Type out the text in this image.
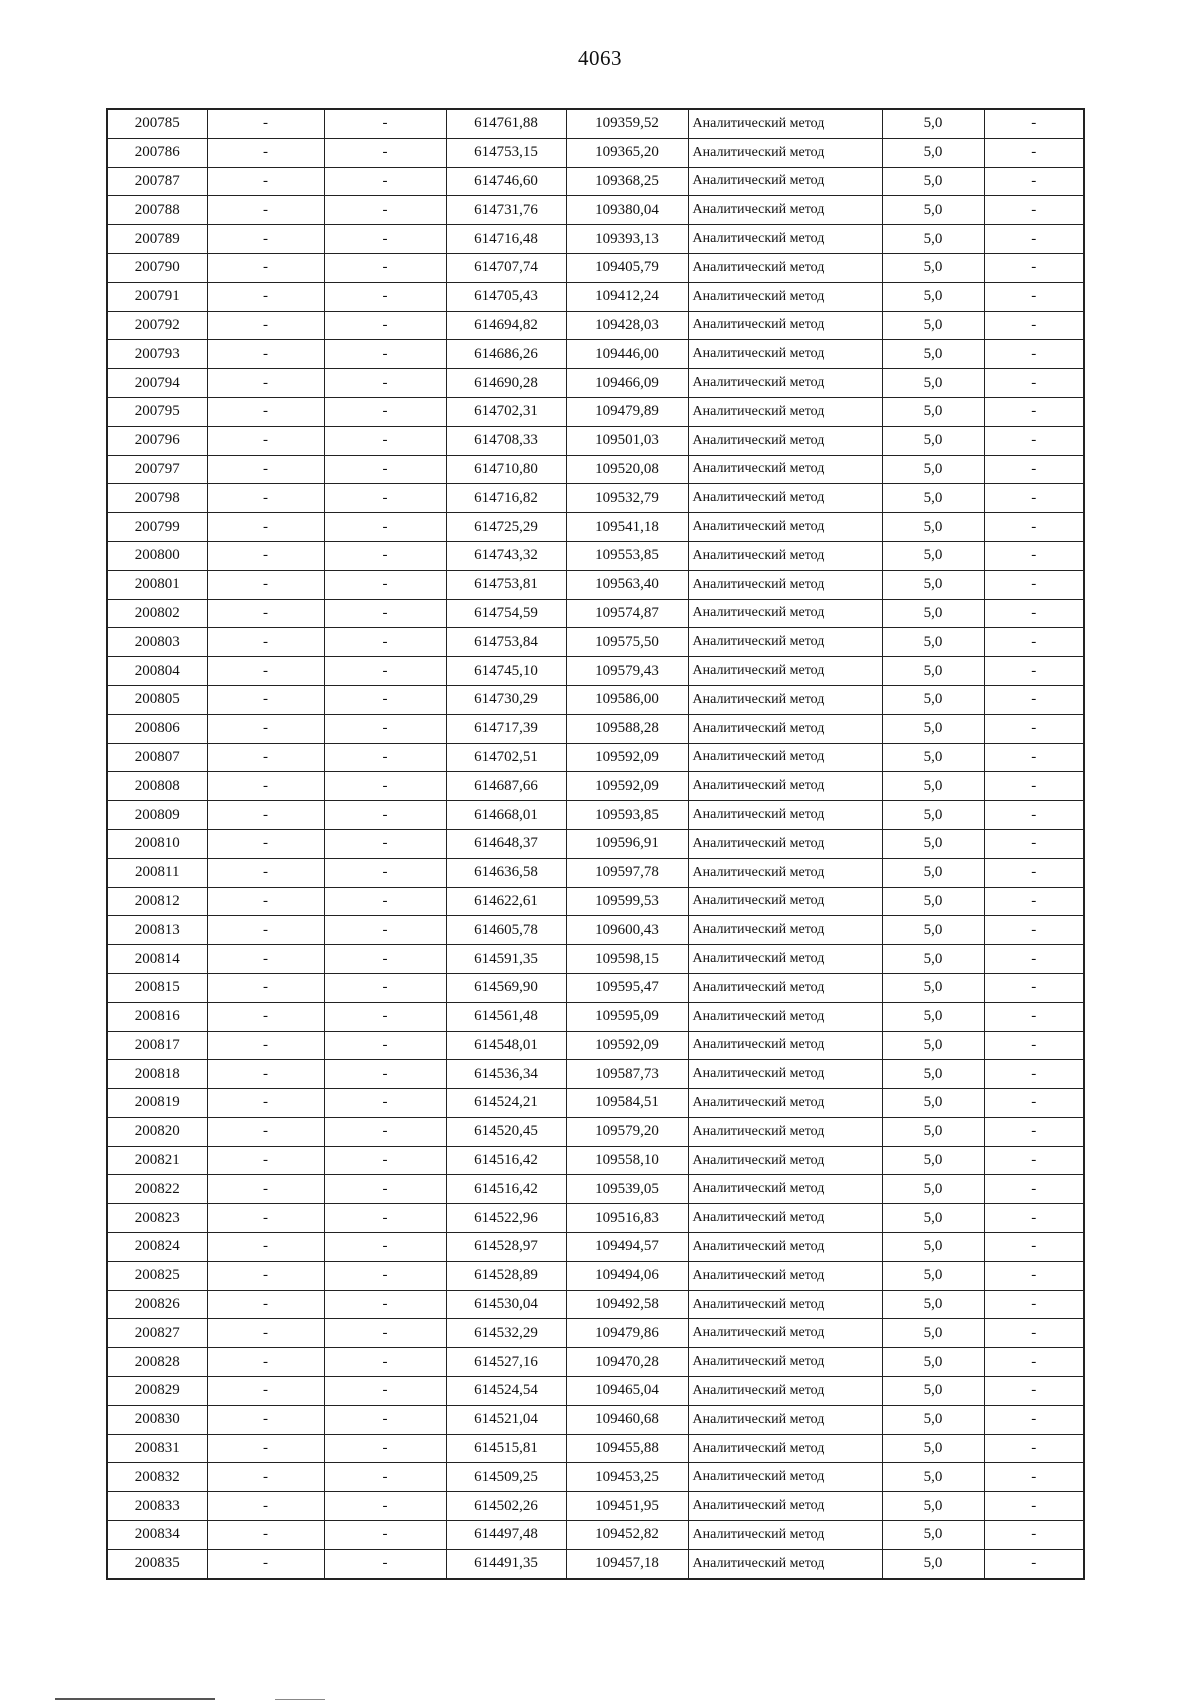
4063
200785	-	-	614761,88	109359,52	Аналитический метод	5,0	-
200786	-	-	614753,15	109365,20	Аналитический метод	5,0	-
200787	-	-	614746,60	109368,25	Аналитический метод	5,0	-
200788	-	-	614731,76	109380,04	Аналитический метод	5,0	-
200789	-	-	614716,48	109393,13	Аналитический метод	5,0	-
200790	-	-	614707,74	109405,79	Аналитический метод	5,0	-
200791	-	-	614705,43	109412,24	Аналитический метод	5,0	-
200792	-	-	614694,82	109428,03	Аналитический метод	5,0	-
200793	-	-	614686,26	109446,00	Аналитический метод	5,0	-
200794	-	-	614690,28	109466,09	Аналитический метод	5,0	-
200795	-	-	614702,31	109479,89	Аналитический метод	5,0	-
200796	-	-	614708,33	109501,03	Аналитический метод	5,0	-
200797	-	-	614710,80	109520,08	Аналитический метод	5,0	-
200798	-	-	614716,82	109532,79	Аналитический метод	5,0	-
200799	-	-	614725,29	109541,18	Аналитический метод	5,0	-
200800	-	-	614743,32	109553,85	Аналитический метод	5,0	-
200801	-	-	614753,81	109563,40	Аналитический метод	5,0	-
200802	-	-	614754,59	109574,87	Аналитический метод	5,0	-
200803	-	-	614753,84	109575,50	Аналитический метод	5,0	-
200804	-	-	614745,10	109579,43	Аналитический метод	5,0	-
200805	-	-	614730,29	109586,00	Аналитический метод	5,0	-
200806	-	-	614717,39	109588,28	Аналитический метод	5,0	-
200807	-	-	614702,51	109592,09	Аналитический метод	5,0	-
200808	-	-	614687,66	109592,09	Аналитический метод	5,0	-
200809	-	-	614668,01	109593,85	Аналитический метод	5,0	-
200810	-	-	614648,37	109596,91	Аналитический метод	5,0	-
200811	-	-	614636,58	109597,78	Аналитический метод	5,0	-
200812	-	-	614622,61	109599,53	Аналитический метод	5,0	-
200813	-	-	614605,78	109600,43	Аналитический метод	5,0	-
200814	-	-	614591,35	109598,15	Аналитический метод	5,0	-
200815	-	-	614569,90	109595,47	Аналитический метод	5,0	-
200816	-	-	614561,48	109595,09	Аналитический метод	5,0	-
200817	-	-	614548,01	109592,09	Аналитический метод	5,0	-
200818	-	-	614536,34	109587,73	Аналитический метод	5,0	-
200819	-	-	614524,21	109584,51	Аналитический метод	5,0	-
200820	-	-	614520,45	109579,20	Аналитический метод	5,0	-
200821	-	-	614516,42	109558,10	Аналитический метод	5,0	-
200822	-	-	614516,42	109539,05	Аналитический метод	5,0	-
200823	-	-	614522,96	109516,83	Аналитический метод	5,0	-
200824	-	-	614528,97	109494,57	Аналитический метод	5,0	-
200825	-	-	614528,89	109494,06	Аналитический метод	5,0	-
200826	-	-	614530,04	109492,58	Аналитический метод	5,0	-
200827	-	-	614532,29	109479,86	Аналитический метод	5,0	-
200828	-	-	614527,16	109470,28	Аналитический метод	5,0	-
200829	-	-	614524,54	109465,04	Аналитический метод	5,0	-
200830	-	-	614521,04	109460,68	Аналитический метод	5,0	-
200831	-	-	614515,81	109455,88	Аналитический метод	5,0	-
200832	-	-	614509,25	109453,25	Аналитический метод	5,0	-
200833	-	-	614502,26	109451,95	Аналитический метод	5,0	-
200834	-	-	614497,48	109452,82	Аналитический метод	5,0	-
200835	-	-	614491,35	109457,18	Аналитический метод	5,0	-
